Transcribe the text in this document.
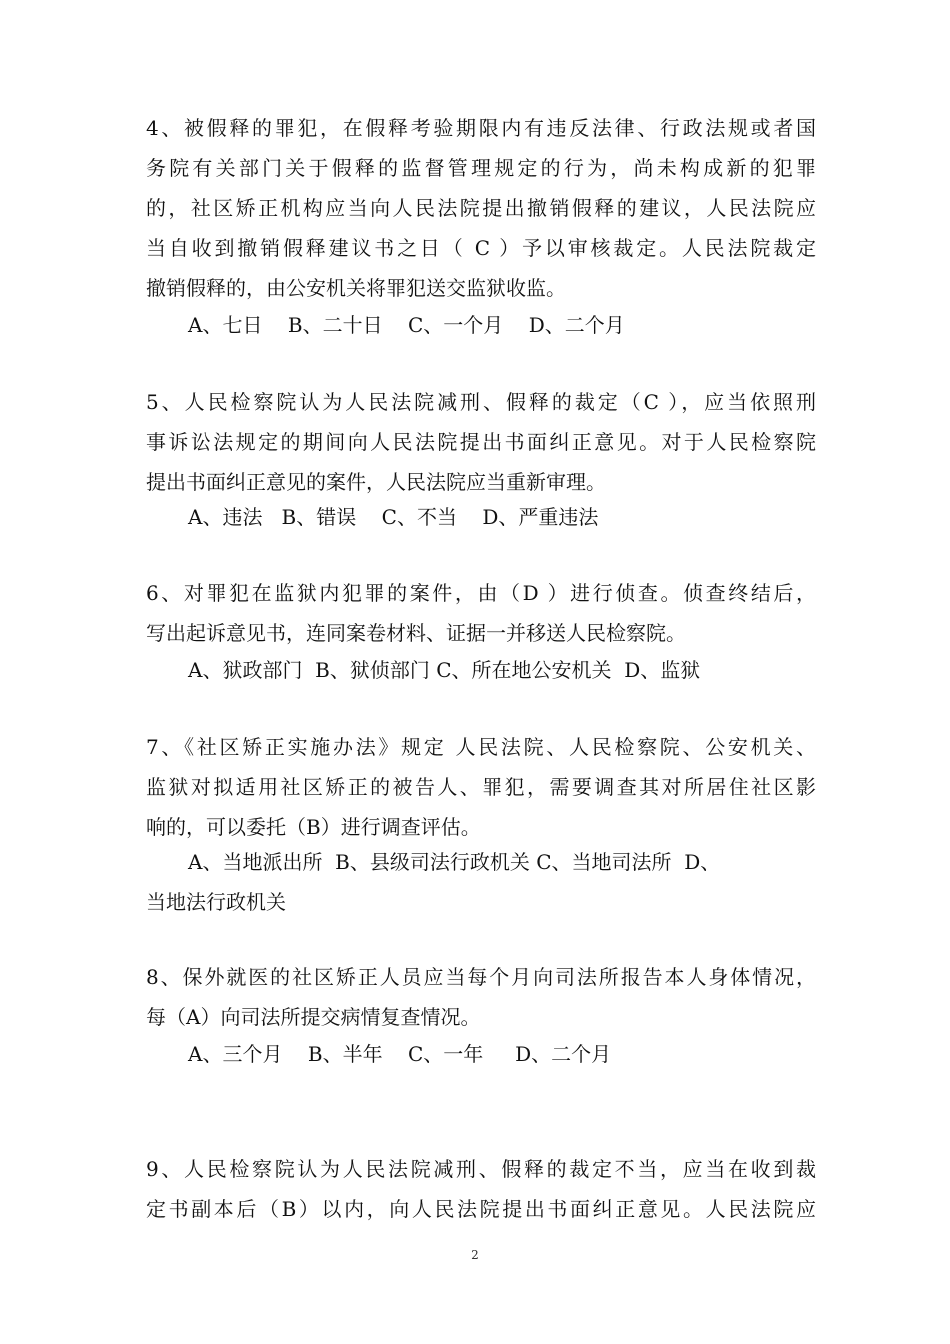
4、被假释的罪犯，在假释考验期限内有违反法律、行政法规或者国
务院有关部门关于假释的监督管理规定的行为，尚未构成新的犯罪
的，社区矫正机构应当向人民法院提出撤销假释的建议，人民法院应
当自收到撤销假释建议书之日（ C ）予以审核裁定。人民法院裁定
撤销假释的，由公安机关将罪犯送交监狱收监。
A、七日    B、二十日    C、一个月    D、二个月
5、人民检察院认为人民法院减刑、假释的裁定（C ），应当依照刑
事诉讼法规定的期间向人民法院提出书面纠正意见。对于人民检察院
提出书面纠正意见的案件，人民法院应当重新审理。
A、违法   B、错误    C、不当    D、严重违法
6、对罪犯在监狱内犯罪的案件，由（D ）进行侦查。侦查终结后，
写出起诉意见书，连同案卷材料、证据一并移送人民检察院。
A、狱政部门  B、狱侦部门 C、所在地公安机关  D、监狱
7、《社区矫正实施办法》规定 人民法院、人民检察院、公安机关、
监狱对拟适用社区矫正的被告人、罪犯，需要调查其对所居住社区影
响的，可以委托（B）进行调查评估。
A、当地派出所  B、县级司法行政机关 C、当地司法所  D、
当地法行政机关
8、保外就医的社区矫正人员应当每个月向司法所报告本人身体情况，
每（A）向司法所提交病情复查情况。
A、三个月    B、半年    C、一年     D、二个月
9、人民检察院认为人民法院减刑、假释的裁定不当，应当在收到裁
定书副本后（B）以内，向人民法院提出书面纠正意见。人民法院应
2
